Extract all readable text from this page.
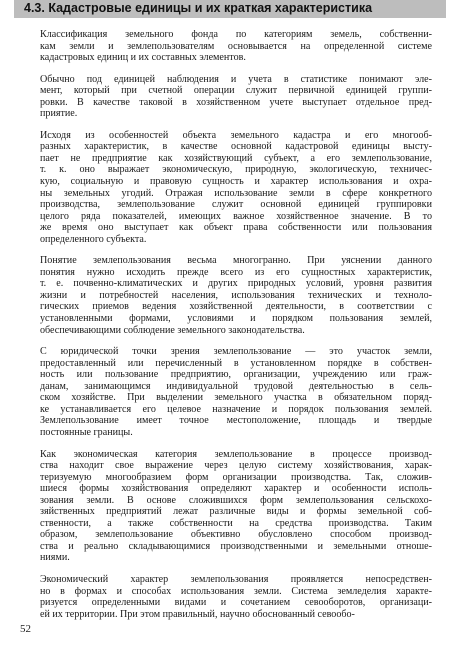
4.3. Кадастровые единицы и их краткая характеристика
Классификация земельного фонда по категориям земель, собственни-
кам земли и землепользователям основывается на определенной системе
кадастровых единиц и их составных элементов.
Обычно под единицей наблюдения и учета в статистике понимают эле-
мент, который при счетной операции служит первичной единицей группи-
ровки. В качестве таковой в хозяйственном учете выступает отдельное пред-
приятие.
Исходя из особенностей объекта земельного кадастра и его многооб-
разных характеристик, в качестве основной кадастровой единицы высту-
пает не предприятие как хозяйствующий субъект, а его землепользование,
т. к. оно выражает экономическую, природную, экологическую, техничес-
кую, социальную и правовую сущность и характер использования и охра-
ны земельных угодий. Отражая использование земли в сфере конкретного
производства, землепользование служит основной единицей группировки
целого ряда показателей, имеющих важное хозяйственное значение. В то
же время оно выступает как объект права собственности или пользования
определенного субъекта.
Понятие землепользования весьма многогранно. При уяснении данного
понятия нужно исходить прежде всего из его сущностных характеристик,
т. е. почвенно-климатических и других природных условий, уровня развития
жизни и потребностей населения, использования технических и техноло-
гических приемов ведения хозяйственной деятельности, в соответствии с
установленными формами, условиями и порядком пользования землей,
обеспечивающими соблюдение земельного законодательства.
С юридической точки зрения землепользование — это участок земли,
предоставленный или перечисленный в установленном порядке в собствен-
ность или пользование предприятию, организации, учреждению или граж-
данам, занимающимся индивидуальной трудовой деятельностью в сель-
ском хозяйстве. При выделении земельного участка в обязательном поряд-
ке устанавливается его целевое назначение и порядок пользования землей.
Землепользование имеет точное местоположение, площадь и твердые
постоянные границы.
Как экономическая категория землепользование в процессе производ-
ства находит свое выражение через целую систему хозяйствования, харак-
теризуемую многообразием форм организации производства. Так, сложив-
шиеся формы хозяйствования определяют характер и особенности исполь-
зования земли. В основе сложившихся форм землепользования сельскохо-
зяйственных предприятий лежат различные виды и формы земельной соб-
ственности, а также собственности на средства производства. Таким
образом, землепользование объективно обусловлено способом производ-
ства и реально складывающимися производственными и земельными отноше-
ниями.
Экономический характер землепользования проявляется непосредствен-
но в формах и способах использования земли. Система земледелия характе-
ризуется определенными видами и сочетанием севооборотов, организаци-
ей их территории. При этом правильный, научно обоснованный севообо-
52
